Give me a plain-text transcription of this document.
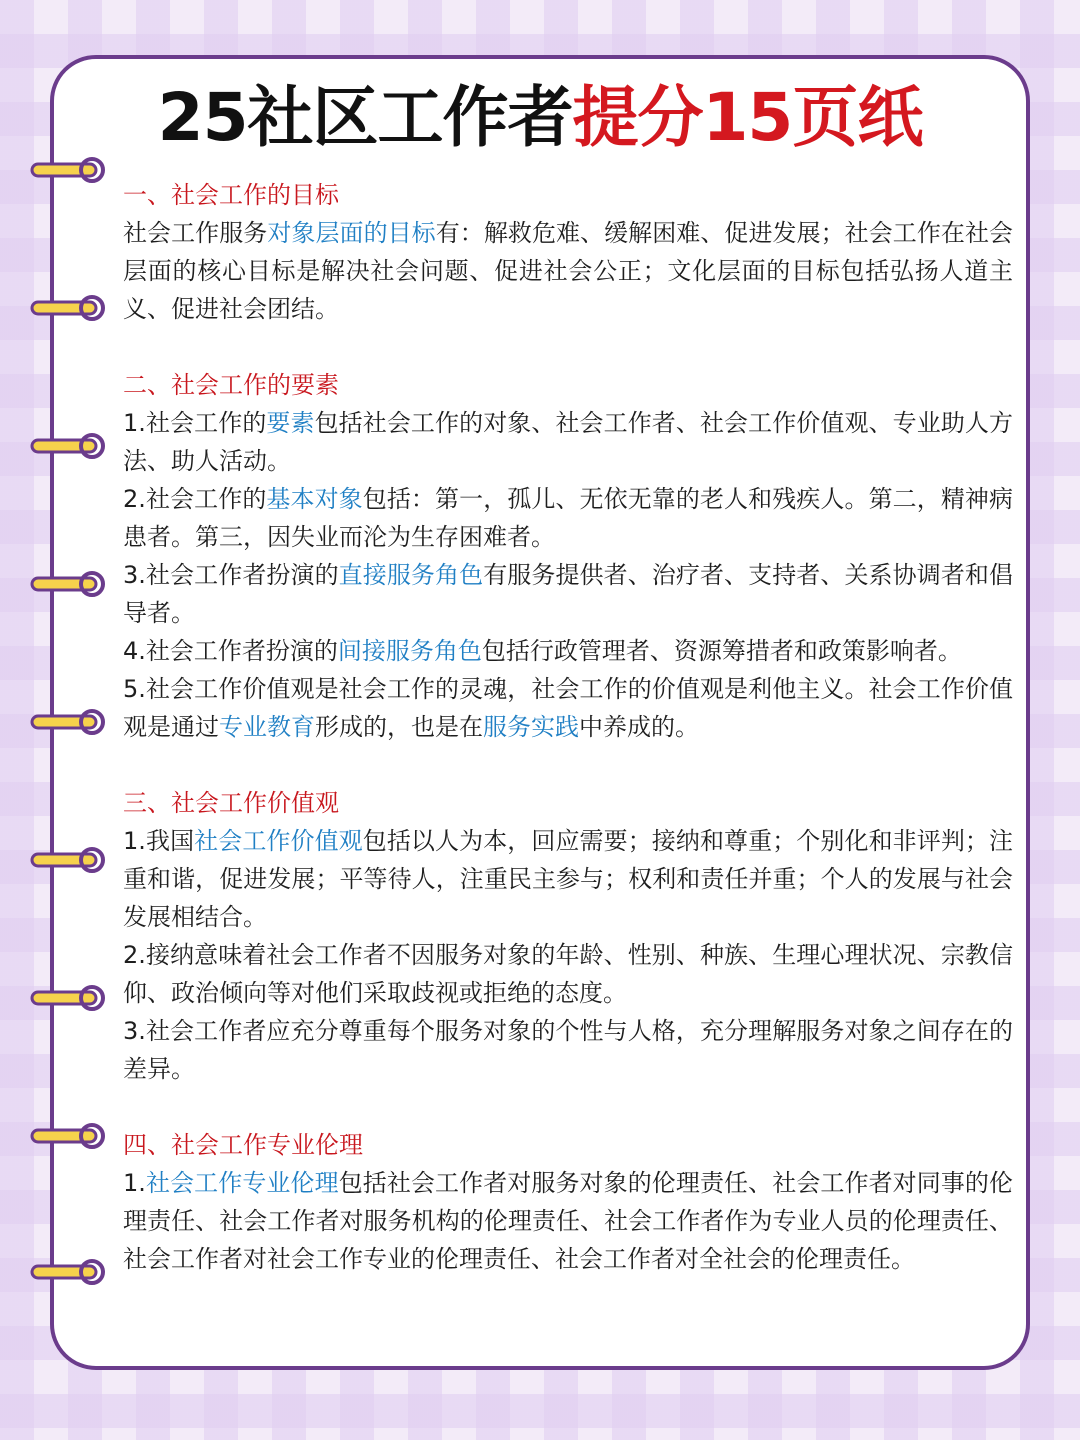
25社区工作者提分15页纸
一、社会工作的目标
社会工作服务对象层面的目标有：解救危难、缓解困难、促进发展；社会工作在社会层面的核心目标是解决社会问题、促进社会公正；文化层面的目标包括弘扬人道主义、促进社会团结。
二、社会工作的要素
1.社会工作的要素包括社会工作的对象、社会工作者、社会工作价值观、专业助人方法、助人活动。
2.社会工作的基本对象包括：第一，孤儿、无依无靠的老人和残疾人。第二，精神病患者。第三，因失业而沦为生存困难者。
3.社会工作者扮演的直接服务角色有服务提供者、治疗者、支持者、关系协调者和倡导者。
4.社会工作者扮演的间接服务角色包括行政管理者、资源筹措者和政策影响者。
5.社会工作价值观是社会工作的灵魂，社会工作的价值观是利他主义。社会工作价值观是通过专业教育形成的，也是在服务实践中养成的。
三、社会工作价值观
1.我国社会工作价值观包括以人为本，回应需要；接纳和尊重；个别化和非评判；注重和谐，促进发展；平等待人，注重民主参与；权利和责任并重；个人的发展与社会发展相结合。
2.接纳意味着社会工作者不因服务对象的年龄、性别、种族、生理心理状况、宗教信仰、政治倾向等对他们采取歧视或拒绝的态度。
3.社会工作者应充分尊重每个服务对象的个性与人格，充分理解服务对象之间存在的差异。
四、社会工作专业伦理
1.社会工作专业伦理包括社会工作者对服务对象的伦理责任、社会工作者对同事的伦理责任、社会工作者对服务机构的伦理责任、社会工作者作为专业人员的伦理责任、社会工作者对社会工作专业的伦理责任、社会工作者对全社会的伦理责任。
